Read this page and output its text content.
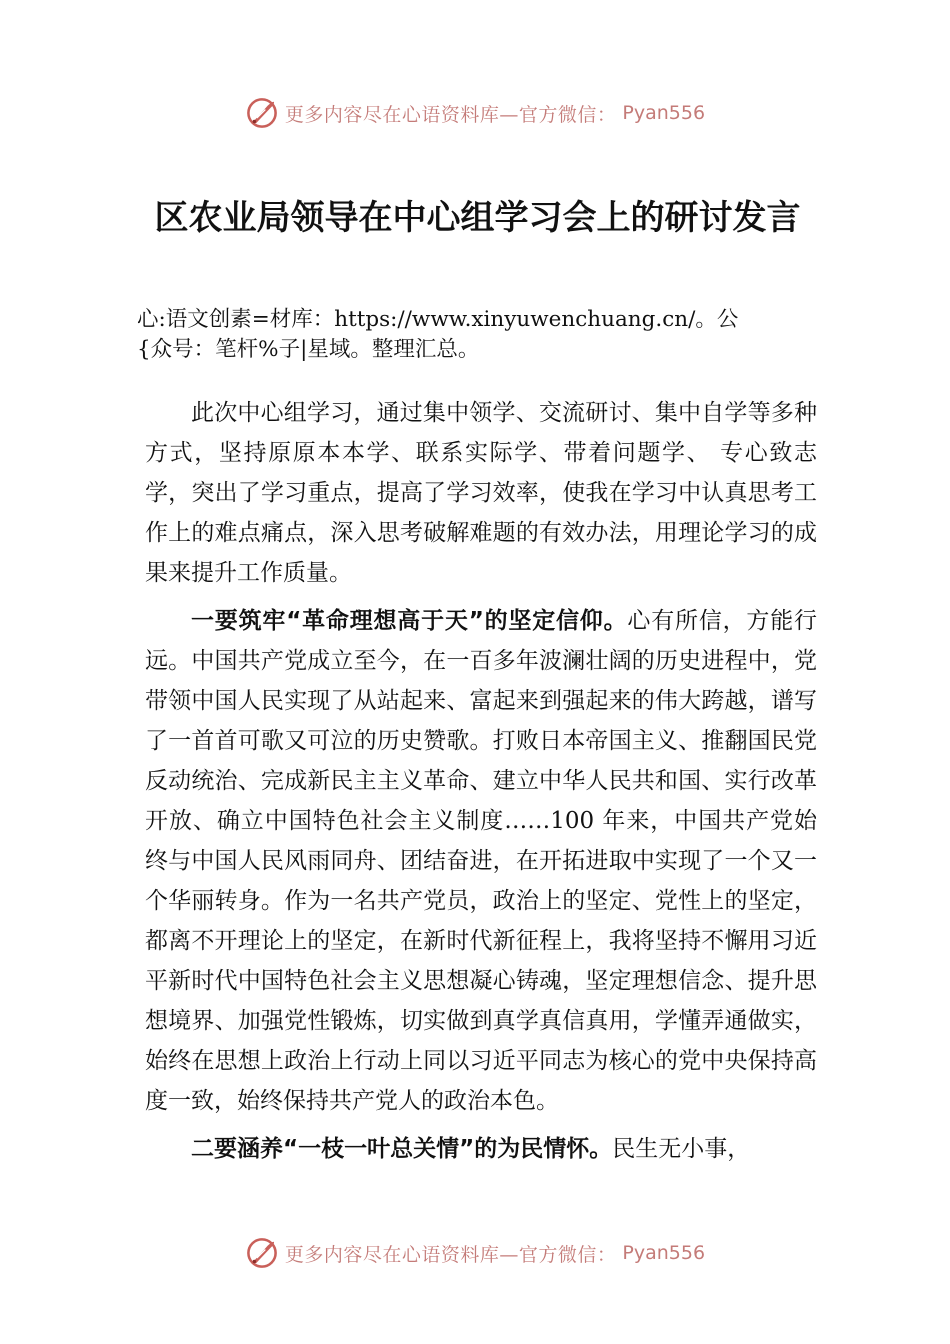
更多内容尽在心语资料库—官方微信： Pyan556
区农业局领导在中心组学习会上的研讨发言
心:语文创素=材库：https://www.xinyuwenchuang.cn/。公
{众号：笔杆%子|星域。整理汇总。

此次中心组学习，通过集中领学、交流研讨、集中自学等多种方式，坚持原原本本学、联系实际学、带着问题学、 专心致志学，突出了学习重点，提高了学习效率，使我在学习中认真思考工作上的难点痛点，深入思考破解难题的有效办法，用理论学习的成果来提升工作质量。

一要筑牢“革命理想高于天”的坚定信仰。心有所信，方能行远。中国共产党成立至今，在一百多年波澜壮阔的历史进程中，党带领中国人民实现了从站起来、富起来到强起来的伟大跨越，谱写了一首首可歌又可泣的历史赞歌。打败日本帝国主义、推翻国民党反动统治、完成新民主主义革命、建立中华人民共和国、实行改革开放、确立中国特色社会主义制度……100 年来，中国共产党始终与中国人民风雨同舟、团结奋进，在开拓进取中实现了一个又一个华丽转身。作为一名共产党员，政治上的坚定、党性上的坚定，都离不开理论上的坚定，在新时代新征程上，我将坚持不懈用习近平新时代中国特色社会主义思想凝心铸魂，坚定理想信念、提升思想境界、加强党性锻炼，切实做到真学真信真用，学懂弄通做实，始终在思想上政治上行动上同以习近平同志为核心的党中央保持高度一致，始终保持共产党人的政治本色。

二要涵养“一枝一叶总关情”的为民情怀。民生无小事，

更多内容尽在心语资料库—官方微信： Pyan556
